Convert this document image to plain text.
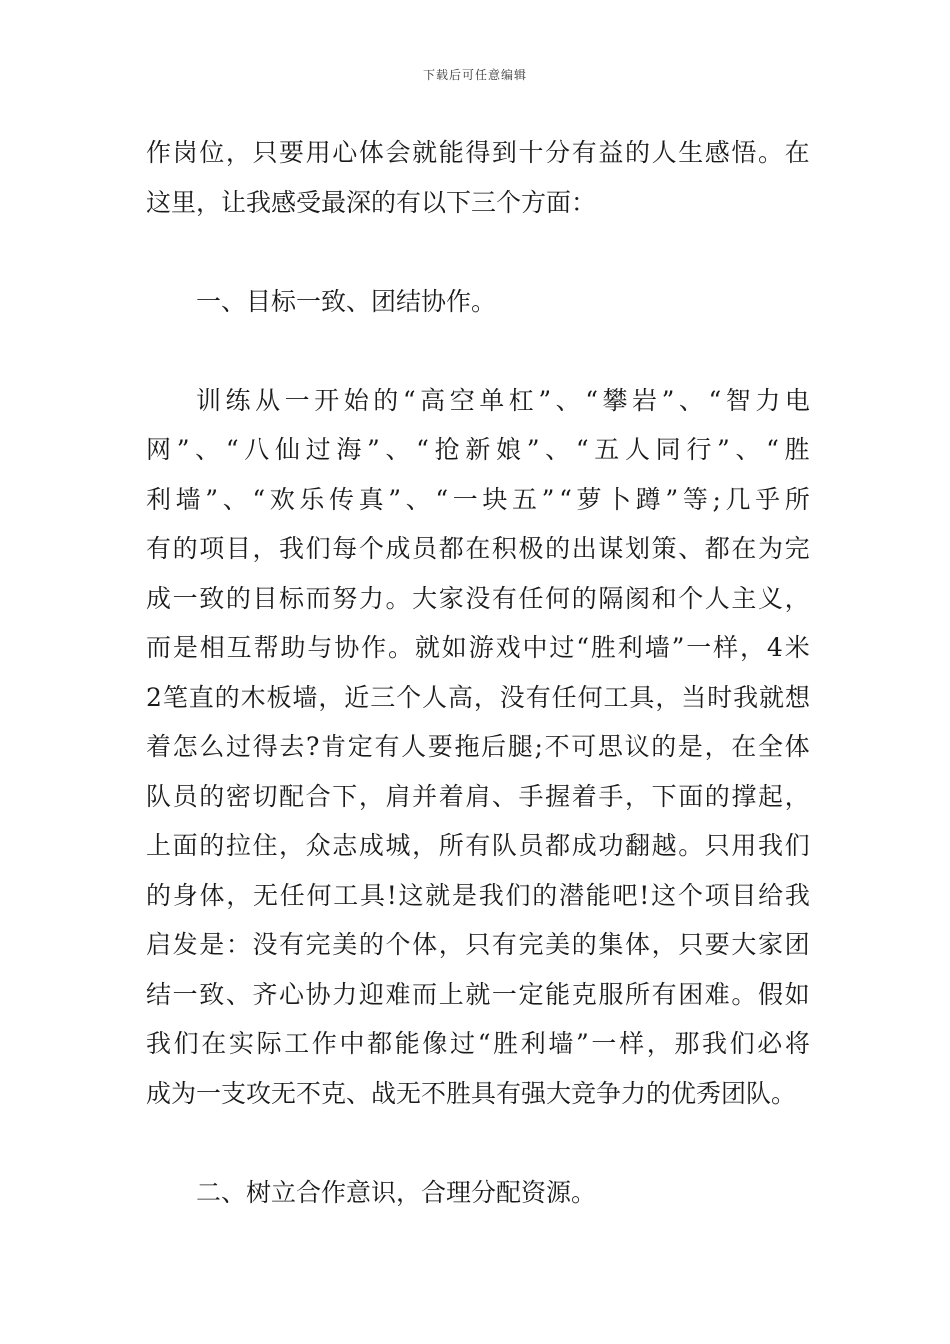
下载后可任意编辑
作 岗 位 ， 只 要 用 心 体 会 就 能 得 到 十 分 有 益 的 人 生 感 悟 。 在
这里，让我感受最深的有以下三个方面：
一、目标一致、团结协作。
训 练 从 一 开 始 的 “ 高 空 单 杠 ” 、 “ 攀 岩 ” 、 “ 智 力 电
网 ” 、 “ 八 仙 过 海 ” 、 “ 抢 新 娘 ” 、 “ 五 人 同 行 ” 、 “ 胜
利 墙 ” 、 “ 欢 乐 传 真 ” 、 “ 一 块 五 ” “ 萝 卜 蹲 ” 等 ; 几 乎 所
有 的 项 目 ， 我 们 每 个 成 员 都 在 积 极 的 出 谋 划 策 、 都 在 为 完
成 一 致 的 目 标 而 努 力 。 大 家 没 有 任 何 的 隔 阂 和 个 人 主 义 ，
而 是 相 互 帮 助 与 协 作 。 就 如 游 戏 中 过 “ 胜 利 墙 ” 一 样 ， 4 米
2 笔 直 的 木 板 墙 ， 近 三 个 人 高 ， 没 有 任 何 工 具 ， 当 时 我 就 想
着 怎 么 过 得 去 ? 肯 定 有 人 要 拖 后 腿 ; 不 可 思 议 的 是 ， 在 全 体
队 员 的 密 切 配 合 下 ， 肩 并 着 肩 、 手 握 着 手 ， 下 面 的 撑 起 ，
上 面 的 拉 住 ， 众 志 成 城 ， 所 有 队 员 都 成 功 翻 越 。 只 用 我 们
的 身 体 ， 无 任 何 工 具 ! 这 就 是 我 们 的 潜 能 吧 ! 这 个 项 目 给 我
启 发 是 ： 没 有 完 美 的 个 体 ， 只 有 完 美 的 集 体 ， 只 要 大 家 团
结 一 致 、 齐 心 协 力 迎 难 而 上 就 一 定 能 克 服 所 有 困 难 。 假 如
我 们 在 实 际 工 作 中 都 能 像 过 “ 胜 利 墙 ” 一 样 ， 那 我 们 必 将
成为一支攻无不克、战无不胜具有强大竞争力的优秀团队。
二、树立合作意识，合理分配资源。
